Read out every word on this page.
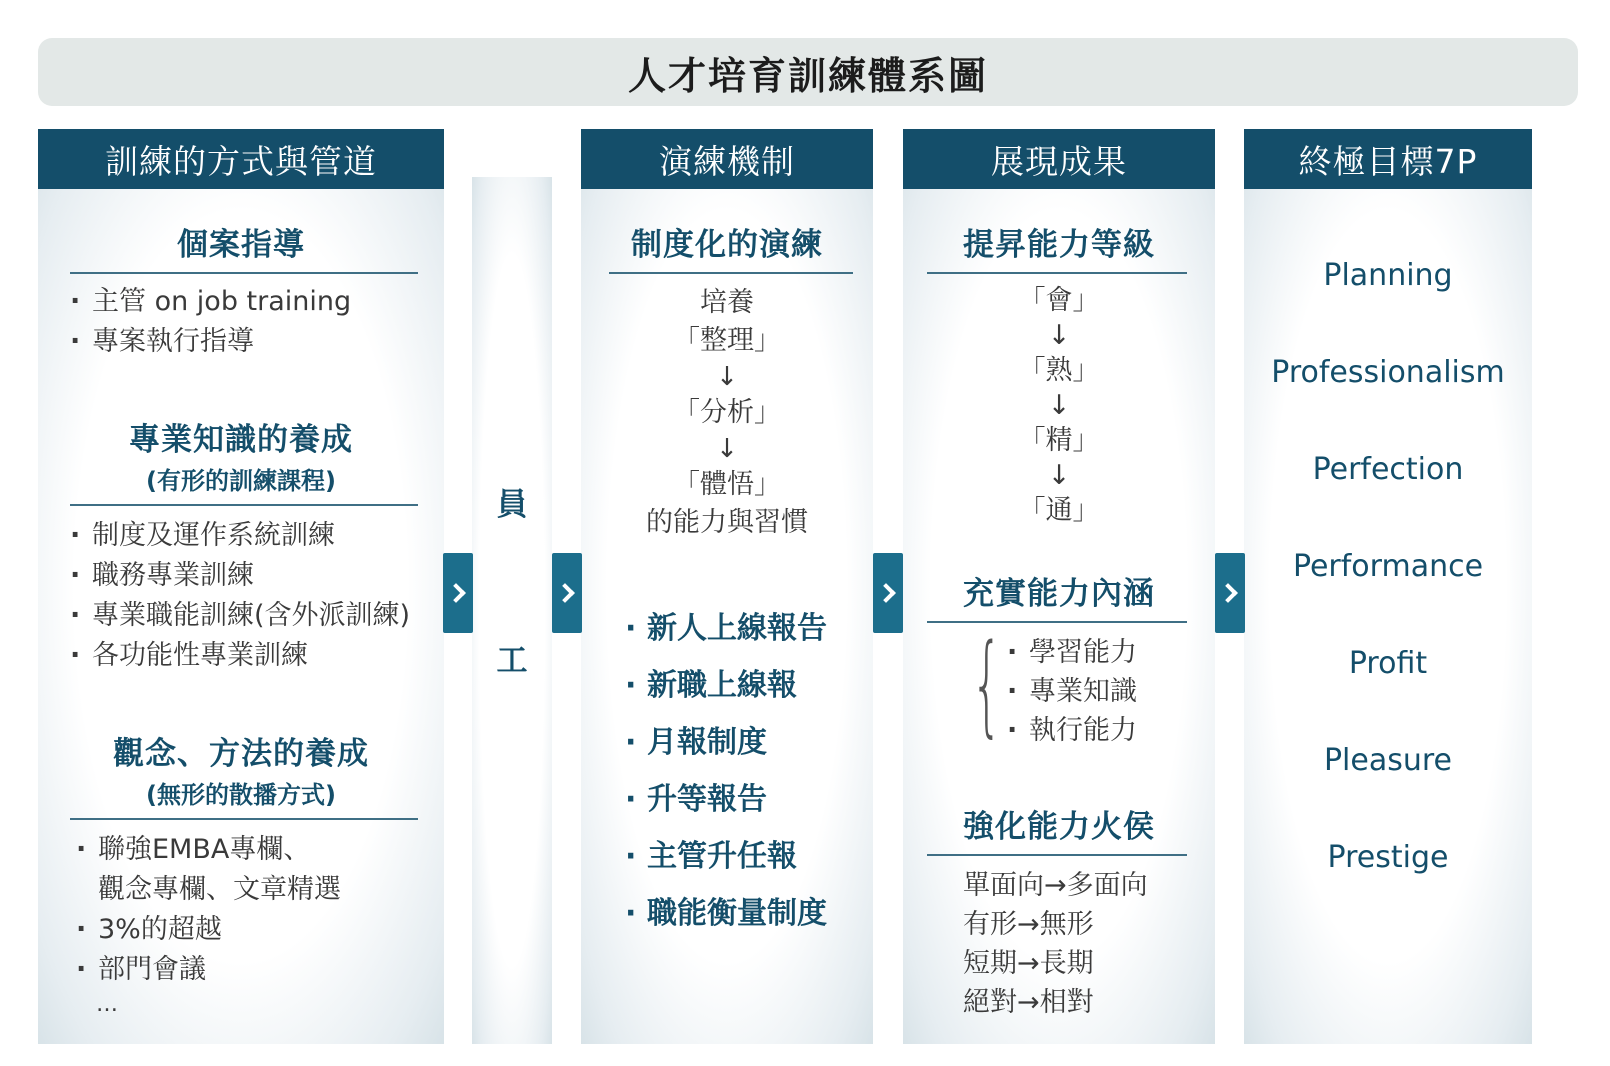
人才培育訓練體系圖
訓練的方式與管道
個案指導
· 主管 on job training
· 專案執行指導
專業知識的養成
(有形的訓練課程)
· 制度及運作系統訓練
· 職務專業訓練
· 專業職能訓練(含外派訓練)
· 各功能性專業訓練
觀念、方法的養成
(無形的散播方式)
· 聯強EMBA專欄、
觀念專欄、文章精選
· 3%的超越
· 部門會議
…
員
工
演練機制
制度化的演練
培養
「整理」
↓
「分析」
↓
「體悟」
的能力與習慣
· 新人上線報告
· 新職上線報
· 月報制度
· 升等報告
· 主管升任報
· 職能衡量制度
展現成果
提昇能力等級
「會」
↓
「熟」
↓
「精」
↓
「通」
充實能力內涵
{
· 學習能力
· 專業知識
· 執行能力
強化能力火侯
單面向→多面向
有形→無形
短期→長期
絕對→相對
終極目標7P
Planning
Professionalism
Perfection
Performance
Profit
Pleasure
Prestige
